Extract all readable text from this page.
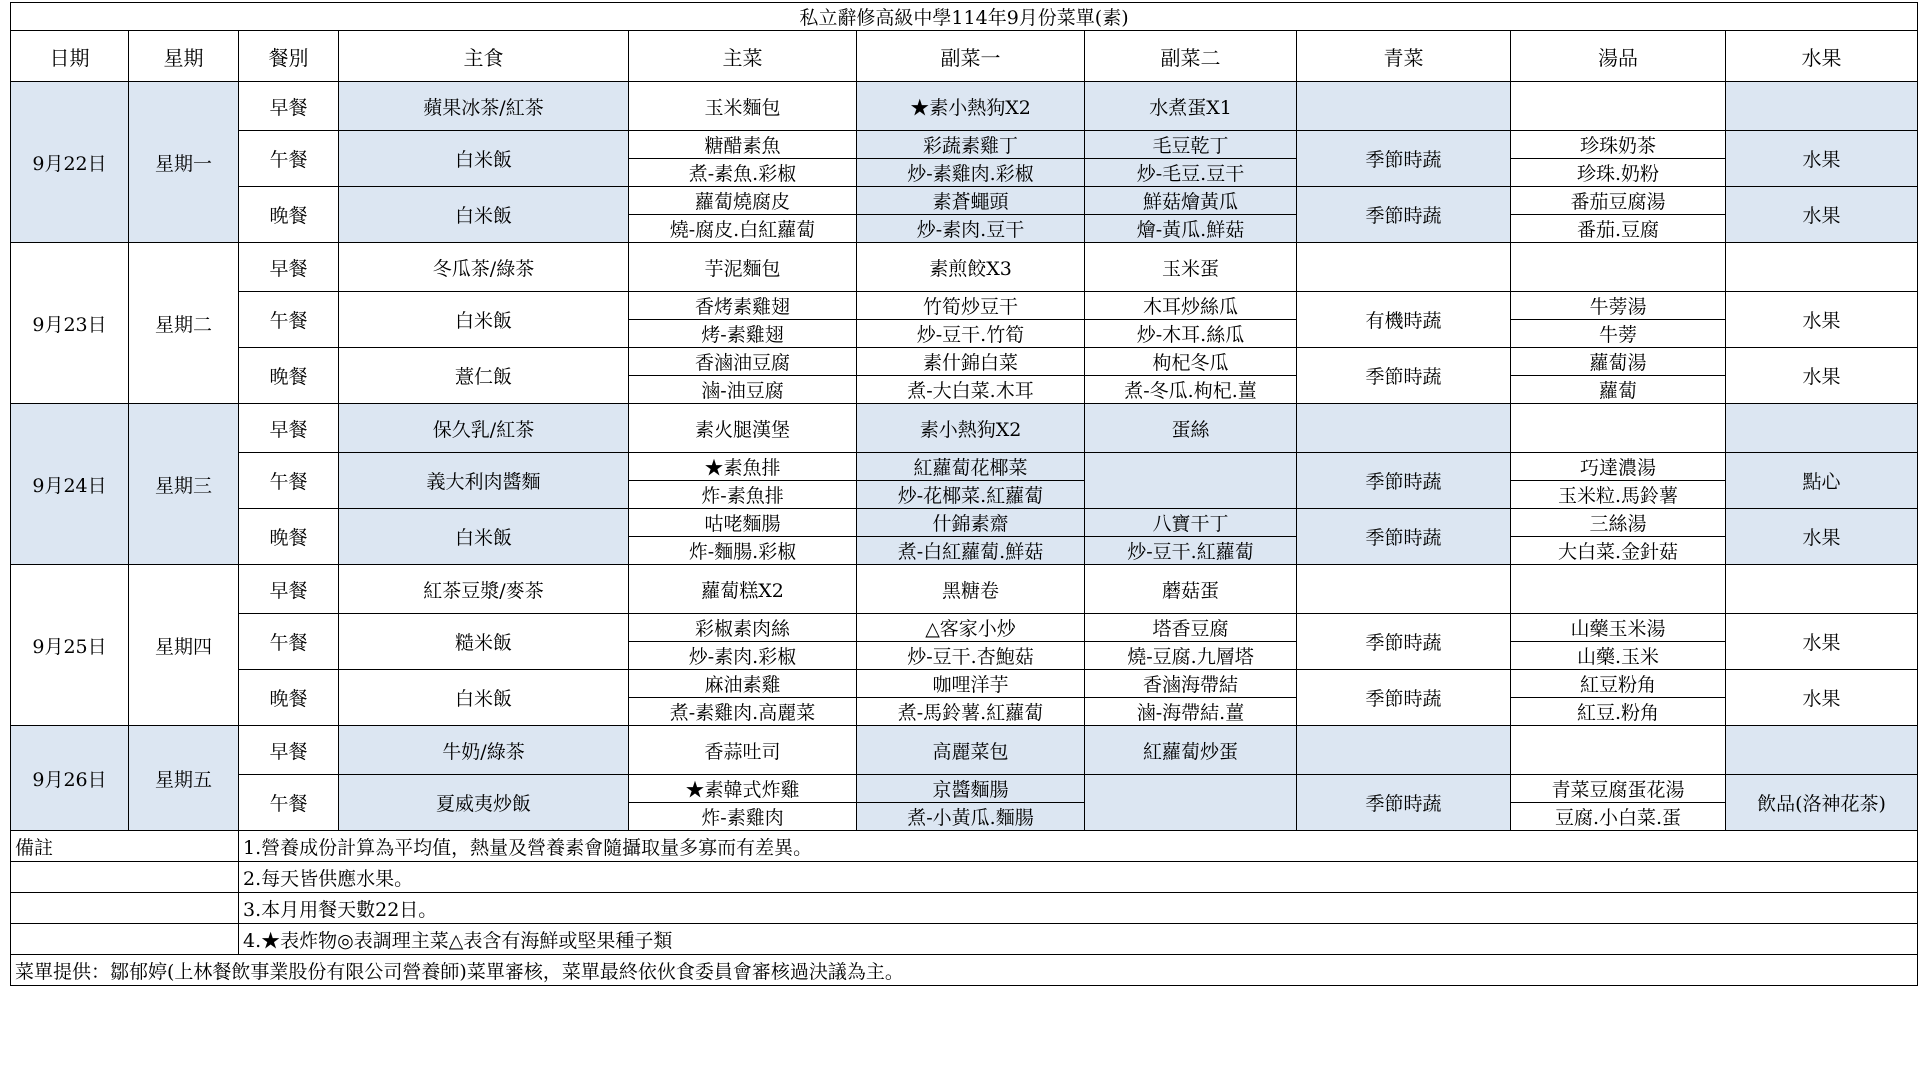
私立辭修高級中學114年9月份菜單(素)									
日期	星期	餐別	主食	主菜	副菜一	副菜二	青菜	湯品	水果
9月22日	星期一	早餐	蘋果冰茶/紅茶	玉米麵包	★素小熱狗X2	水煮蛋X1			
		午餐	白米飯	糖醋素魚	彩蔬素雞丁	毛豆乾丁	季節時蔬	珍珠奶茶	水果
				煮-素魚.彩椒	炒-素雞肉.彩椒	炒-毛豆.豆干		珍珠.奶粉	
		晚餐	白米飯	蘿蔔燒腐皮	素蒼蠅頭	鮮菇燴黃瓜	季節時蔬	番茄豆腐湯	水果
				燒-腐皮.白紅蘿蔔	炒-素肉.豆干	燴-黃瓜.鮮菇		番茄.豆腐	
9月23日	星期二	早餐	冬瓜茶/綠茶	芋泥麵包	素煎餃X3	玉米蛋			
		午餐	白米飯	香烤素雞翅	竹筍炒豆干	木耳炒絲瓜	有機時蔬	牛蒡湯	水果
				烤-素雞翅	炒-豆干.竹筍	炒-木耳.絲瓜		牛蒡	
		晚餐	薏仁飯	香滷油豆腐	素什錦白菜	枸杞冬瓜	季節時蔬	蘿蔔湯	水果
				滷-油豆腐	煮-大白菜.木耳	煮-冬瓜.枸杞.薑		蘿蔔	
9月24日	星期三	早餐	保久乳/紅茶	素火腿漢堡	素小熱狗X2	蛋絲			
		午餐	義大利肉醬麵	★素魚排	紅蘿蔔花椰菜		季節時蔬	巧達濃湯	點心
				炸-素魚排	炒-花椰菜.紅蘿蔔			玉米粒.馬鈴薯	
		晚餐	白米飯	咕咾麵腸	什錦素齋	八寶干丁	季節時蔬	三絲湯	水果
				炸-麵腸.彩椒	煮-白紅蘿蔔.鮮菇	炒-豆干.紅蘿蔔		大白菜.金針菇	
9月25日	星期四	早餐	紅茶豆漿/麥茶	蘿蔔糕X2	黑糖卷	蘑菇蛋			
		午餐	糙米飯	彩椒素肉絲	△客家小炒	塔香豆腐	季節時蔬	山藥玉米湯	水果
				炒-素肉.彩椒	炒-豆干.杏鮑菇	燒-豆腐.九層塔		山藥.玉米	
		晚餐	白米飯	麻油素雞	咖哩洋芋	香滷海帶結	季節時蔬	紅豆粉角	水果
				煮-素雞肉.高麗菜	煮-馬鈴薯.紅蘿蔔	滷-海帶結.薑		紅豆.粉角	
9月26日	星期五	早餐	牛奶/綠茶	香蒜吐司	高麗菜包	紅蘿蔔炒蛋			
		午餐	夏威夷炒飯	★素韓式炸雞	京醬麵腸		季節時蔬	青菜豆腐蛋花湯	飲品(洛神花茶)
				炸-素雞肉	煮-小黃瓜.麵腸			豆腐.小白菜.蛋	
備註		1.營養成份計算為平均值，熱量及營養素會隨攝取量多寡而有差異。							
		2.每天皆供應水果。							
		3.本月用餐天數22日。							
		4.★表炸物◎表調理主菜△表含有海鮮或堅果種子類							
菜單提供：鄒郁婷(上林餐飲事業股份有限公司營養師)菜單審核，菜單最終依伙食委員會審核過決議為主。									
